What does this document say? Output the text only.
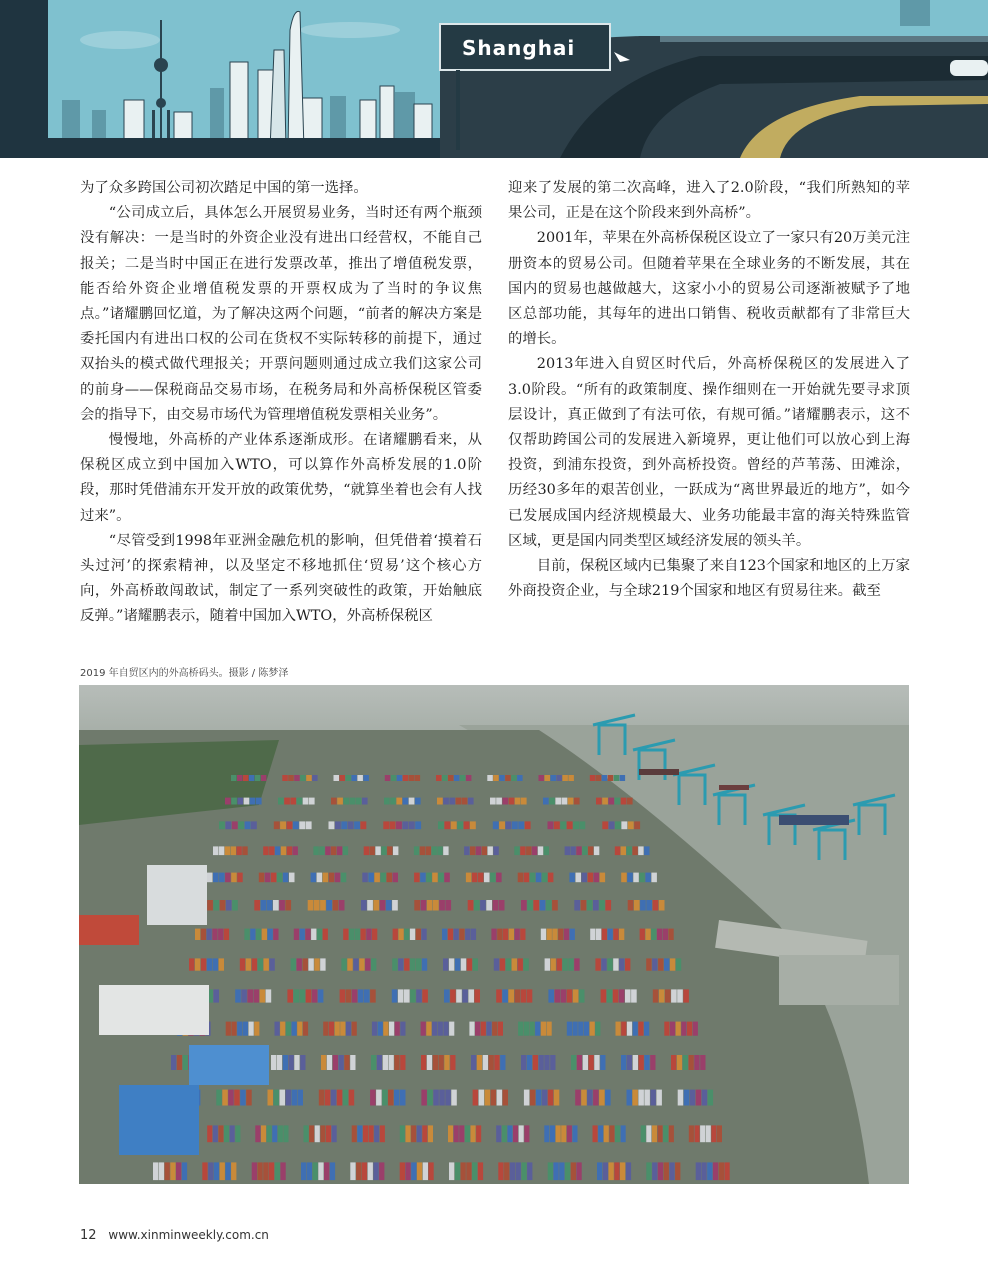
Shanghai

为了众多跨国公司初次踏足中国的第一选择。

“公司成立后，具体怎么开展贸易业务，当时还有两个瓶颈没有解决：一是当时的外资企业没有进出口经营权，不能自己报关；二是当时中国正在进行发票改革，推出了增值税发票，能否给外资企业增值税发票的开票权成为了当时的争议焦点。”诸耀鹏回忆道，为了解决这两个问题，“前者的解决方案是委托国内有进出口权的公司在货权不实际转移的前提下，通过双抬头的模式做代理报关；开票问题则通过成立我们这家公司的前身——保税商品交易市场，在税务局和外高桥保税区管委会的指导下，由交易市场代为管理增值税发票相关业务”。

慢慢地，外高桥的产业体系逐渐成形。在诸耀鹏看来，从保税区成立到中国加入WTO，可以算作外高桥发展的1.0阶段，那时凭借浦东开发开放的政策优势，“就算坐着也会有人找过来”。

“尽管受到1998年亚洲金融危机的影响，但凭借着‘摸着石头过河’的探索精神，以及坚定不移地抓住‘贸易’这个核心方向，外高桥敢闯敢试，制定了一系列突破性的政策，开始触底反弹。”诸耀鹏表示，随着中国加入WTO，外高桥保税区

迎来了发展的第二次高峰，进入了2.0阶段，“我们所熟知的苹果公司，正是在这个阶段来到外高桥”。

2001年，苹果在外高桥保税区设立了一家只有20万美元注册资本的贸易公司。但随着苹果在全球业务的不断发展，其在国内的贸易也越做越大，这家小小的贸易公司逐渐被赋予了地区总部功能，其每年的进出口销售、税收贡献都有了非常巨大的增长。

2013年进入自贸区时代后，外高桥保税区的发展进入了3.0阶段。“所有的政策制度、操作细则在一开始就先要寻求顶层设计，真正做到了有法可依，有规可循。”诸耀鹏表示，这不仅帮助跨国公司的发展进入新境界，更让他们可以放心到上海投资，到浦东投资，到外高桥投资。曾经的芦苇荡、田滩涂，历经30多年的艰苦创业，一跃成为“离世界最近的地方”，如今已发展成国内经济规模最大、业务功能最丰富的海关特殊监管区域，更是国内同类型区域经济发展的领头羊。

目前，保税区域内已集聚了来自123个国家和地区的上万家外商投资企业，与全球219个国家和地区有贸易往来。截至

2019 年自贸区内的外高桥码头。摄影 / 陈梦泽
12 www.xinminweekly.com.cn
